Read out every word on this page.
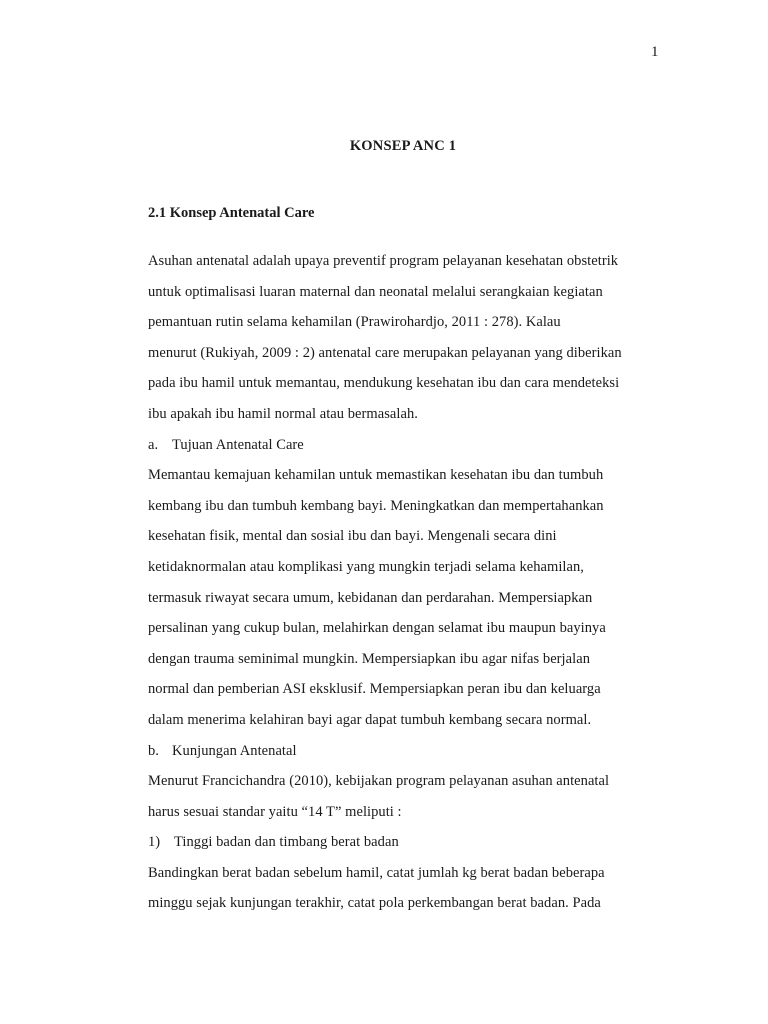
1
KONSEP ANC 1
2.1 Konsep Antenatal Care
Asuhan antenatal adalah upaya preventif program pelayanan kesehatan obstetrik
untuk optimalisasi luaran maternal dan neonatal melalui serangkaian kegiatan
pemantuan rutin selama kehamilan (Prawirohardjo, 2011 : 278). Kalau
menurut (Rukiyah, 2009 : 2) antenatal care merupakan pelayanan yang diberikan
pada ibu hamil untuk memantau, mendukung kesehatan ibu dan cara mendeteksi
ibu apakah ibu hamil normal atau bermasalah.
a. Tujuan Antenatal Care
Memantau kemajuan kehamilan untuk memastikan kesehatan ibu dan tumbuh
kembang ibu dan tumbuh kembang bayi. Meningkatkan dan mempertahankan
kesehatan fisik, mental dan sosial ibu dan bayi. Mengenali secara dini
ketidaknormalan atau komplikasi yang mungkin terjadi selama kehamilan,
termasuk riwayat secara umum, kebidanan dan perdarahan. Mempersiapkan
persalinan yang cukup bulan, melahirkan dengan selamat ibu maupun bayinya
dengan trauma seminimal mungkin. Mempersiapkan ibu agar nifas berjalan
normal dan pemberian ASI eksklusif. Mempersiapkan peran ibu dan keluarga
dalam menerima kelahiran bayi agar dapat tumbuh kembang secara normal.
b. Kunjungan Antenatal
Menurut Francichandra (2010), kebijakan program pelayanan asuhan antenatal
harus sesuai standar yaitu “14 T” meliputi :
1) Tinggi badan dan timbang berat badan
Bandingkan berat badan sebelum hamil, catat jumlah kg berat badan beberapa
minggu sejak kunjungan terakhir, catat pola perkembangan berat badan. Pada
